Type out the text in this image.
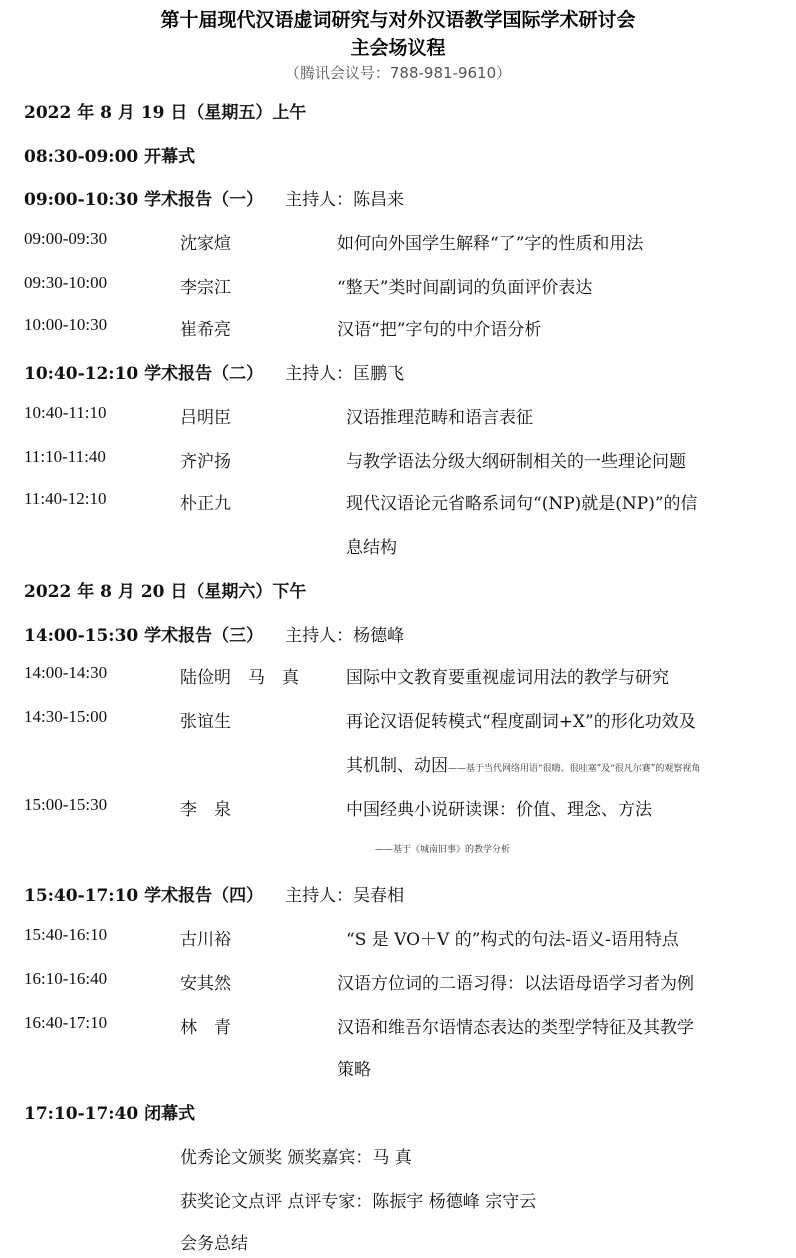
第十届现代汉语虚词研究与对外汉语教学国际学术研讨会
主会场议程
（腾讯会议号：788-981-9610）
2022 年 8 月 19 日（星期五）上午
08:30-09:00 开幕式
09:00-10:30 学术报告（一） 主持人：陈昌来
09:00-09:30	沈家煊	如何向外国学生解释“了”字的性质和用法
09:30-10:00	李宗江	“整天”类时间副词的负面评价表达
10:00-10:30	崔希亮	汉语“把”字句的中介语分析
10:40-12:10 学术报告（二） 主持人：匡鹏飞
10:40-11:10	吕明臣	汉语推理范畴和语言表征
11:10-11:40	齐沪扬	与教学语法分级大纲研制相关的一些理论问题
11:40-12:10	朴正九	现代汉语论元省略系词句“(NP)就是(NP)”的信
息结构
2022 年 8 月 20 日（星期六）下午
14:00-15:30 学术报告（三） 主持人：杨德峰
14:00-14:30	陆俭明　马　真	国际中文教育要重视虚词用法的教学与研究
14:30-15:00	张谊生	再论汉语促转模式“程度副词+X”的形化功效及
其机制、动因——基于当代网络用语“很嗨、很哇塞”及“很凡尔赛”的观察视角
15:00-15:30	李　泉	中国经典小说研读课：价值、理念、方法
——基于《城南旧事》的教学分析
15:40-17:10 学术报告（四） 主持人：吴春相
15:40-16:10	古川裕	“S 是 VO＋V 的”构式的句法-语义-语用特点
16:10-16:40	安其然	汉语方位词的二语习得：以法语母语学习者为例
16:40-17:10	林　青	汉语和维吾尔语情态表达的类型学特征及其教学
策略
17:10-17:40 闭幕式
优秀论文颁奖 颁奖嘉宾：马 真
获奖论文点评 点评专家：陈振宇 杨德峰 宗守云
会务总结
